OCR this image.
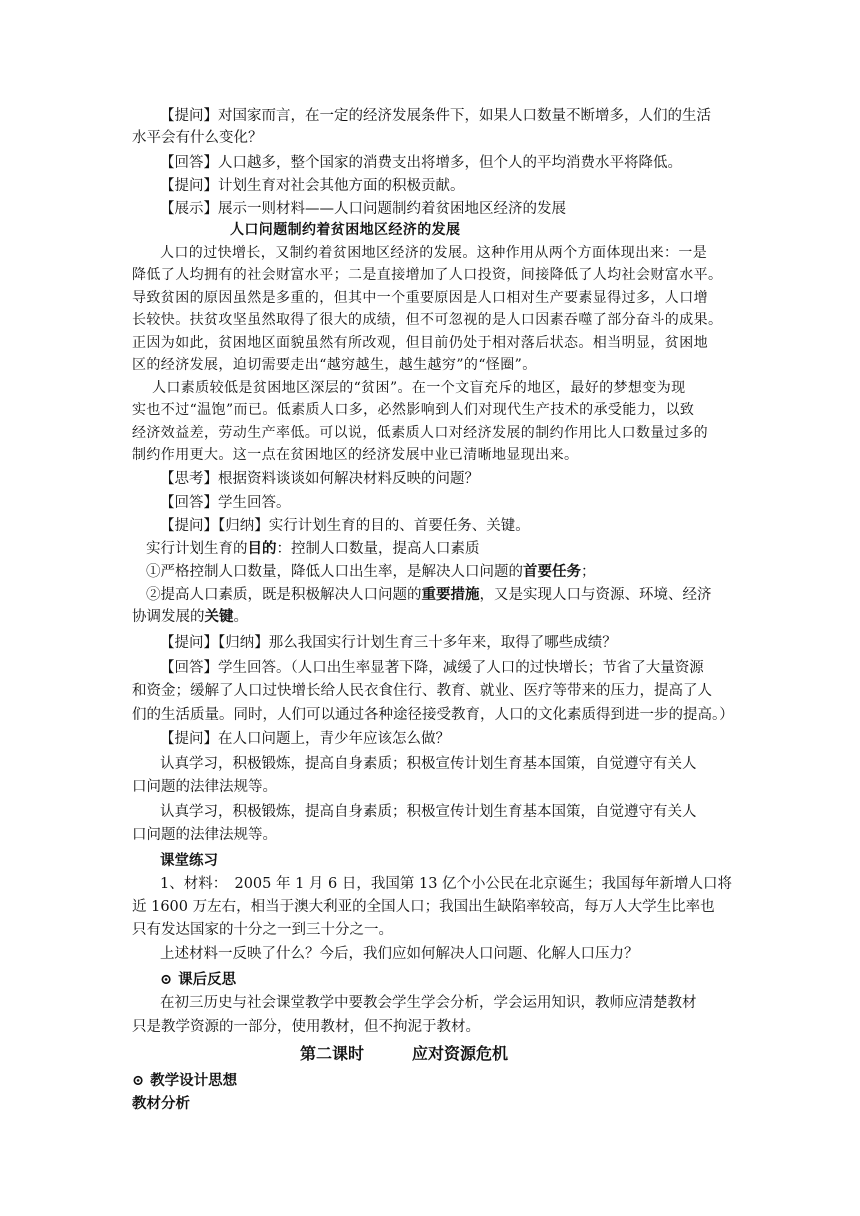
【提问】对国家而言，在一定的经济发展条件下，如果人口数量不断增多，人们的生活
水平会有什么变化？
【回答】人口越多，整个国家的消费支出将增多，但个人的平均消费水平将降低。
【提问】计划生育对社会其他方面的积极贡献。
【展示】展示一则材料——人口问题制约着贫困地区经济的发展
人口问题制约着贫困地区经济的发展
人口的过快增长，又制约着贫困地区经济的发展。这种作用从两个方面体现出来：一是
降低了人均拥有的社会财富水平；二是直接增加了人口投资，间接降低了人均社会财富水平。
导致贫困的原因虽然是多重的，但其中一个重要原因是人口相对生产要素显得过多，人口增
长较快。扶贫攻坚虽然取得了很大的成绩，但不可忽视的是人口因素吞噬了部分奋斗的成果。
正因为如此，贫困地区面貌虽然有所改观，但目前仍处于相对落后状态。相当明显，贫困地
区的经济发展，迫切需要走出“越穷越生，越生越穷”的“怪圈”。
人口素质较低是贫困地区深层的“贫困”。在一个文盲充斥的地区，最好的梦想变为现
实也不过“温饱”而已。低素质人口多，必然影响到人们对现代生产技术的承受能力，以致
经济效益差，劳动生产率低。可以说，低素质人口对经济发展的制约作用比人口数量过多的
制约作用更大。这一点在贫困地区的经济发展中业已清晰地显现出来。
【思考】根据资料谈谈如何解决材料反映的问题？
【回答】学生回答。
【提问】【归纳】实行计划生育的目的、首要任务、关键。
实行计划生育的目的：控制人口数量，提高人口素质
①严格控制人口数量，降低人口出生率，是解决人口问题的首要任务；
②提高人口素质，既是积极解决人口问题的重要措施，又是实现人口与资源、环境、经济
协调发展的关键。
【提问】【归纳】那么我国实行计划生育三十多年来，取得了哪些成绩？
【回答】学生回答。（人口出生率显著下降，减缓了人口的过快增长；节省了大量资源
和资金；缓解了人口过快增长给人民衣食住行、教育、就业、医疗等带来的压力，提高了人
们的生活质量。同时，人们可以通过各种途径接受教育，人口的文化素质得到进一步的提高。）
【提问】在人口问题上，青少年应该怎么做？
认真学习，积极锻炼，提高自身素质；积极宣传计划生育基本国策，自觉遵守有关人
口问题的法律法规等。
认真学习，积极锻炼，提高自身素质；积极宣传计划生育基本国策，自觉遵守有关人
口问题的法律法规等。
课堂练习
1、材料：　2005 年 1 月 6 日，我国第 13 亿个小公民在北京诞生；我国每年新增人口将
近 1600 万左右，相当于澳大利亚的全国人口；我国出生缺陷率较高，每万人大学生比率也
只有发达国家的十分之一到三十分之一。
上述材料一反映了什么？今后，我们应如何解决人口问题、化解人口压力？
⊙ 课后反思
在初三历史与社会课堂教学中要教会学生学会分析，学会运用知识，教师应清楚教材
只是教学资源的一部分，使用教材，但不拘泥于教材。
第二课时	应对资源危机
⊙ 教学设计思想
教材分析
